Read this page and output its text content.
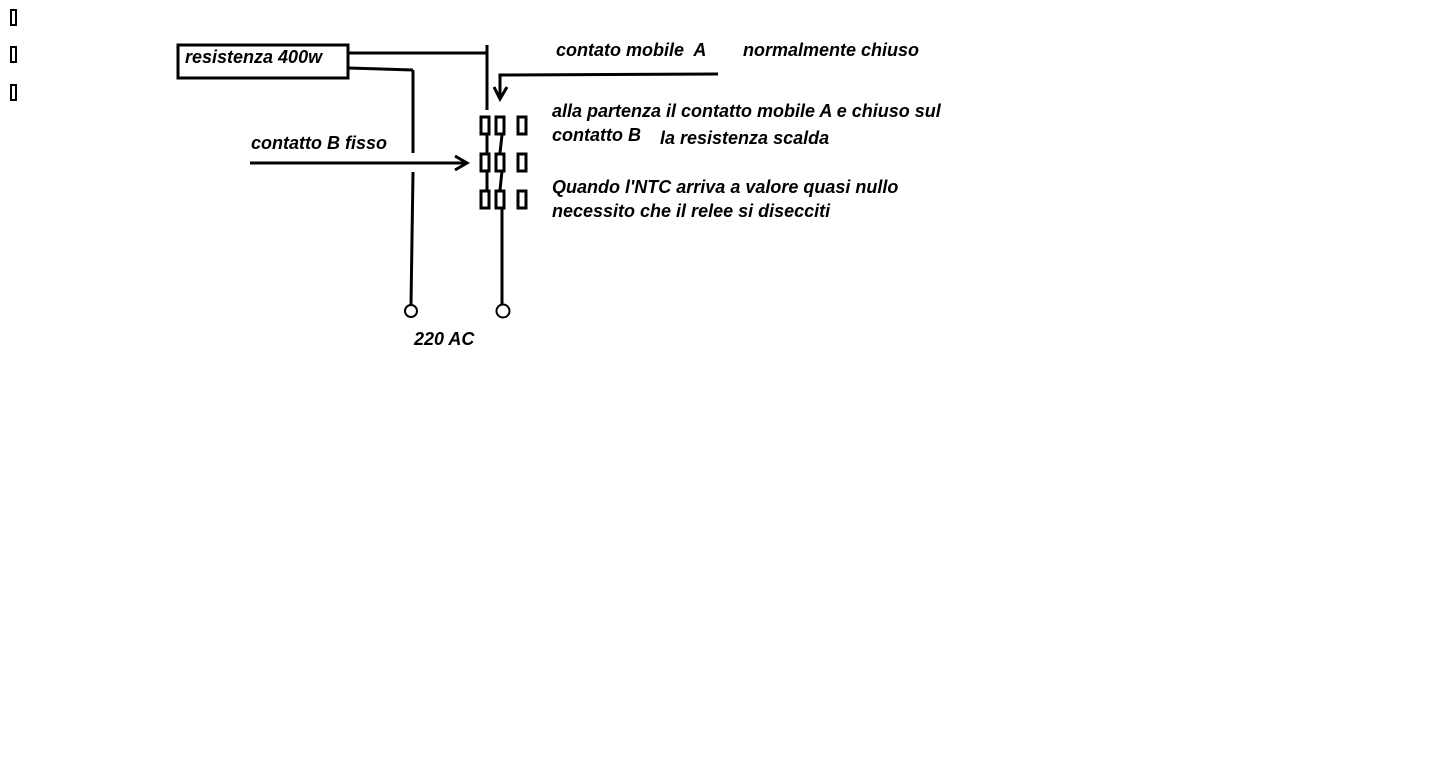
resistenza 400w	contato mobile  A normalmente chiuso
contatto B fisso
alla partenza il contatto mobile A e chiuso sul
contatto B la resistenza scalda
Quando l'NTC arriva a valore quasi nullo
necessito che il relee si disecciti
220 AC
